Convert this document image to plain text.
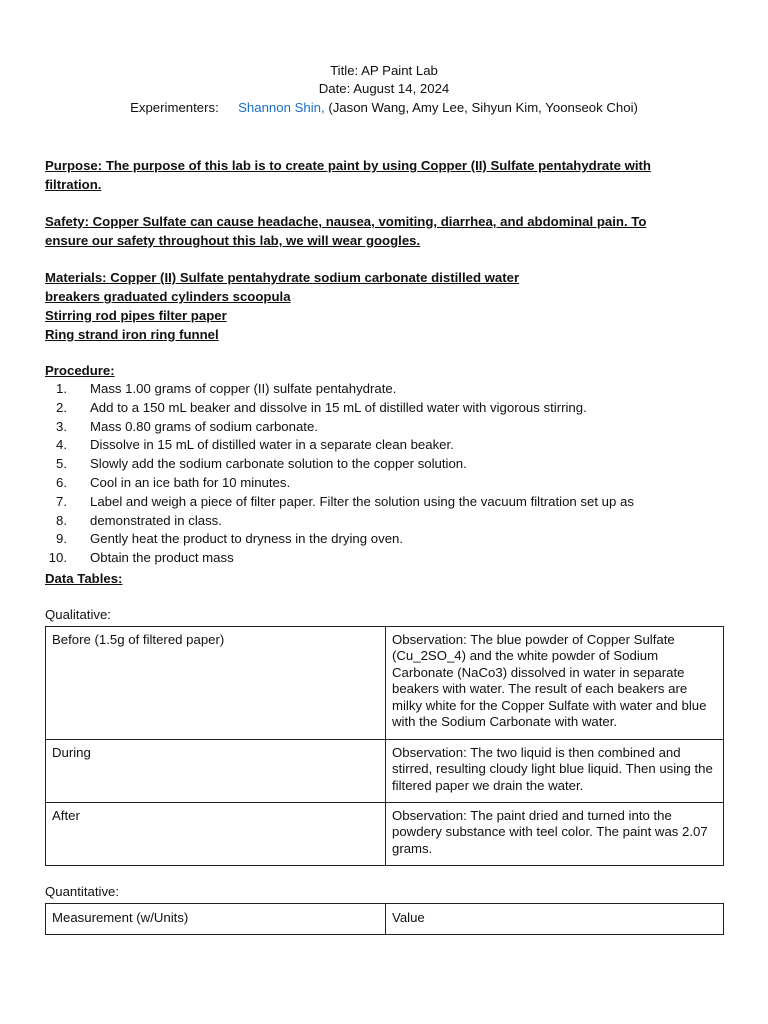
Title: AP Paint Lab
Date: August 14, 2024
Experimenters: Shannon Shin, (Jason Wang, Amy Lee, Sihyun Kim, Yoonseok Choi)
Purpose: The purpose of this lab is to create paint by using Copper (II) Sulfate pentahydrate with
filtration.
Safety: Copper Sulfate can cause headache, nausea, vomiting, diarrhea, and abdominal pain. To
ensure our safety throughout this lab, we will wear googles.
Materials: Copper (II) Sulfate pentahydrate sodium carbonate distilled water
breakers graduated cylinders scoopula
Stirring rod pipes filter paper
Ring strand iron ring funnel
Procedure:
1. Mass 1.00 grams of copper (II) sulfate pentahydrate.
2. Add to a 150 mL beaker and dissolve in 15 mL of distilled water with vigorous stirring.
3. Mass 0.80 grams of sodium carbonate.
4. Dissolve in 15 mL of distilled water in a separate clean beaker.
5. Slowly add the sodium carbonate solution to the copper solution.
6. Cool in an ice bath for 10 minutes.
7. Label and weigh a piece of filter paper. Filter the solution using the vacuum filtration set up as
8. demonstrated in class.
9. Gently heat the product to dryness in the drying oven.
10. Obtain the product mass
Data Tables:
Qualitative:
Before (1.5g of filtered paper)	Observation: The blue powder of Copper Sulfate (Cu_2SO_4) and the white powder of Sodium Carbonate (NaCo3) dissolved in water in separate beakers with water. The result of each beakers are milky white for the Copper Sulfate with water and blue with the Sodium Carbonate with water.
During	Observation: The two liquid is then combined and stirred, resulting cloudy light blue liquid. Then using the filtered paper we drain the water.
After	Observation: The paint dried and turned into the powdery substance with teel color. The paint was 2.07 grams.
Quantitative:
Measurement (w/Units)	Value
